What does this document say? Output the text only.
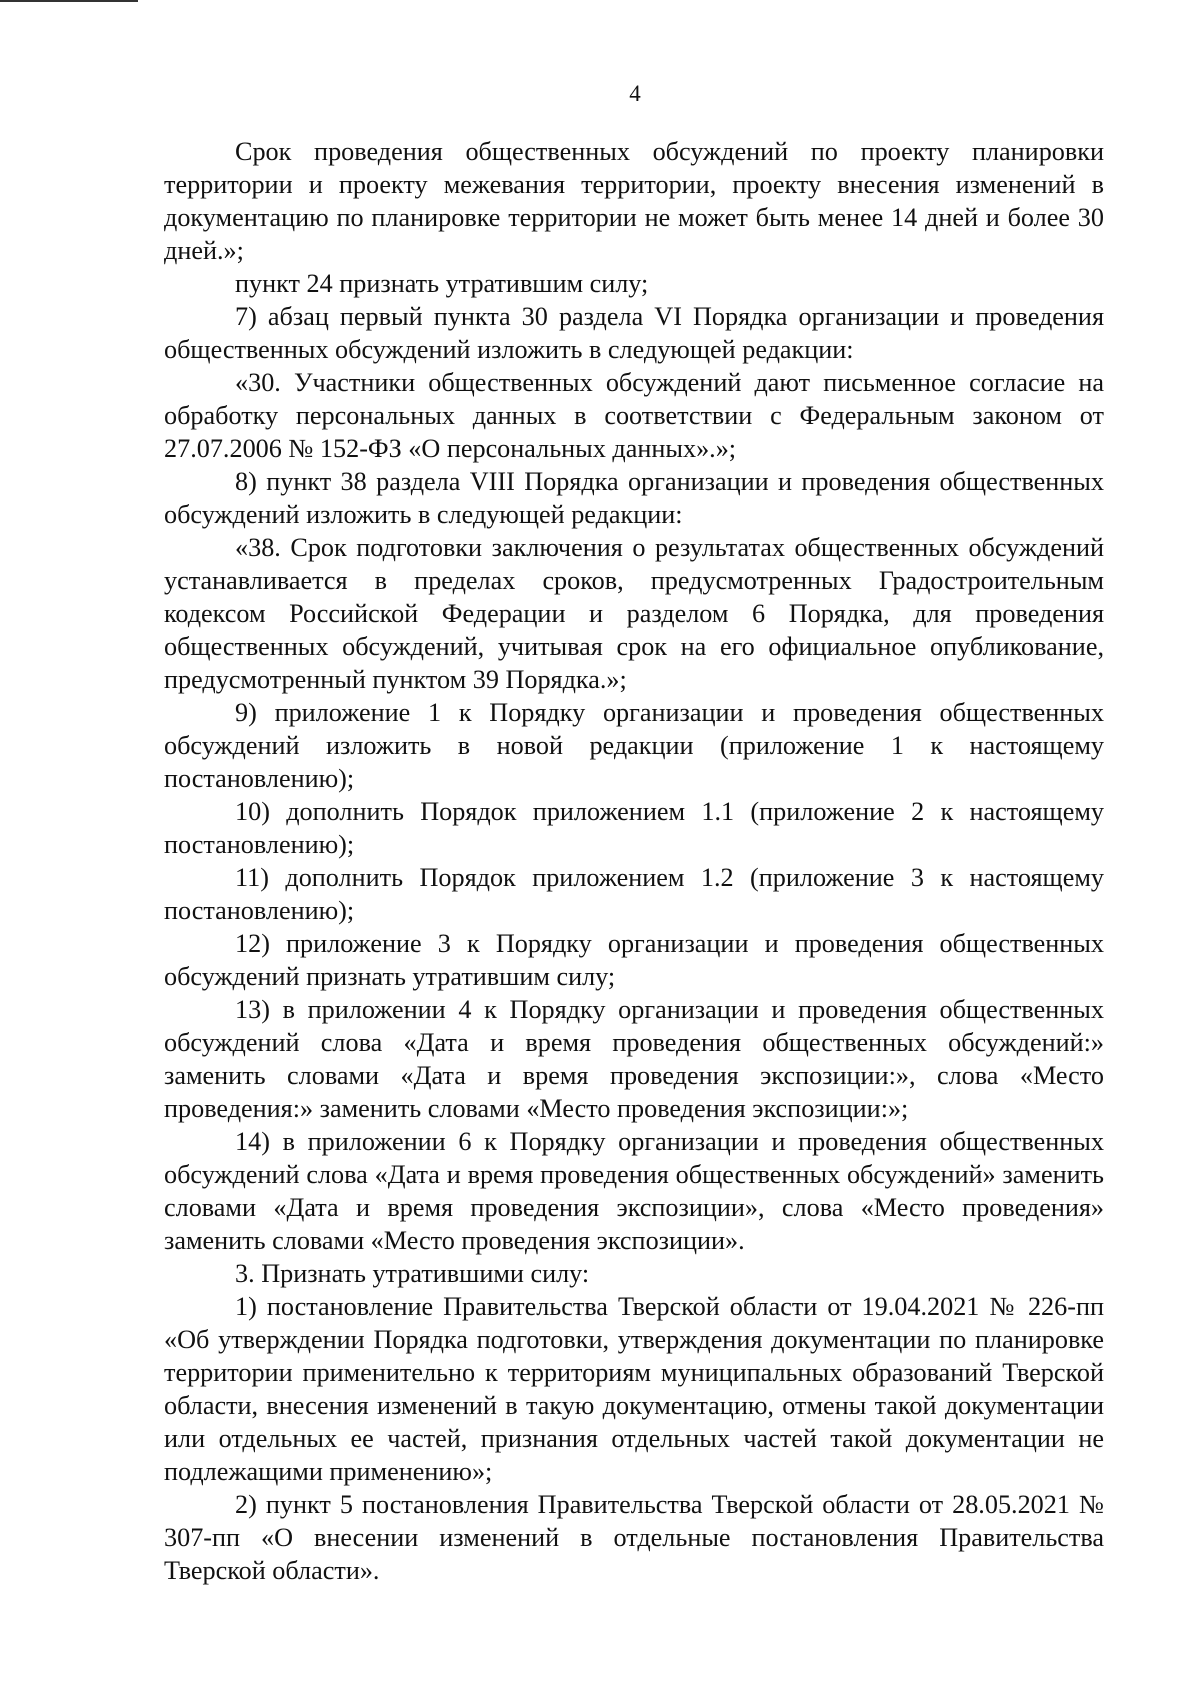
4

Срок проведения общественных обсуждений по проекту планировки территории и проекту межевания территории, проекту внесения изменений в документацию по планировке территории не может быть менее 14 дней и более 30 дней.»;

пункт 24 признать утратившим силу;

7) абзац первый пункта 30 раздела VI Порядка организации и проведения общественных обсуждений изложить в следующей редакции:

«30. Участники общественных обсуждений дают письменное согласие на обработку персональных данных в соответствии с Федеральным законом от 27.07.2006 № 152-ФЗ «О персональных данных».»;

8) пункт 38 раздела VIII Порядка организации и проведения общественных обсуждений изложить в следующей редакции:

«38. Срок подготовки заключения о результатах общественных обсуждений устанавливается в пределах сроков, предусмотренных Градостроительным кодексом Российской Федерации и разделом 6 Порядка, для проведения общественных обсуждений, учитывая срок на его официальное опубликование, предусмотренный пунктом 39 Порядка.»;

9) приложение 1 к Порядку организации и проведения общественных обсуждений изложить в новой редакции (приложение 1 к настоящему постановлению);

10) дополнить Порядок приложением 1.1 (приложение 2 к настоящему постановлению);

11) дополнить Порядок приложением 1.2 (приложение 3 к настоящему постановлению);

12) приложение 3 к Порядку организации и проведения общественных обсуждений признать утратившим силу;

13) в приложении 4 к Порядку организации и проведения общественных обсуждений слова «Дата и время проведения общественных обсуждений:» заменить словами «Дата и время проведения экспозиции:», слова «Место проведения:» заменить словами «Место проведения экспозиции:»;

14) в приложении 6 к Порядку организации и проведения общественных обсуждений слова «Дата и время проведения общественных обсуждений» заменить словами «Дата и время проведения экспозиции», слова «Место проведения» заменить словами «Место проведения экспозиции».

3. Признать утратившими силу:

1) постановление Правительства Тверской области от 19.04.2021 № 226-пп «Об утверждении Порядка подготовки, утверждения документации по планировке территории применительно к территориям муниципальных образований Тверской области, внесения изменений в такую документацию, отмены такой документации или отдельных ее частей, признания отдельных частей такой документации не подлежащими применению»;

2) пункт 5 постановления Правительства Тверской области от 28.05.2021 № 307-пп «О внесении изменений в отдельные постановления Правительства Тверской области».
